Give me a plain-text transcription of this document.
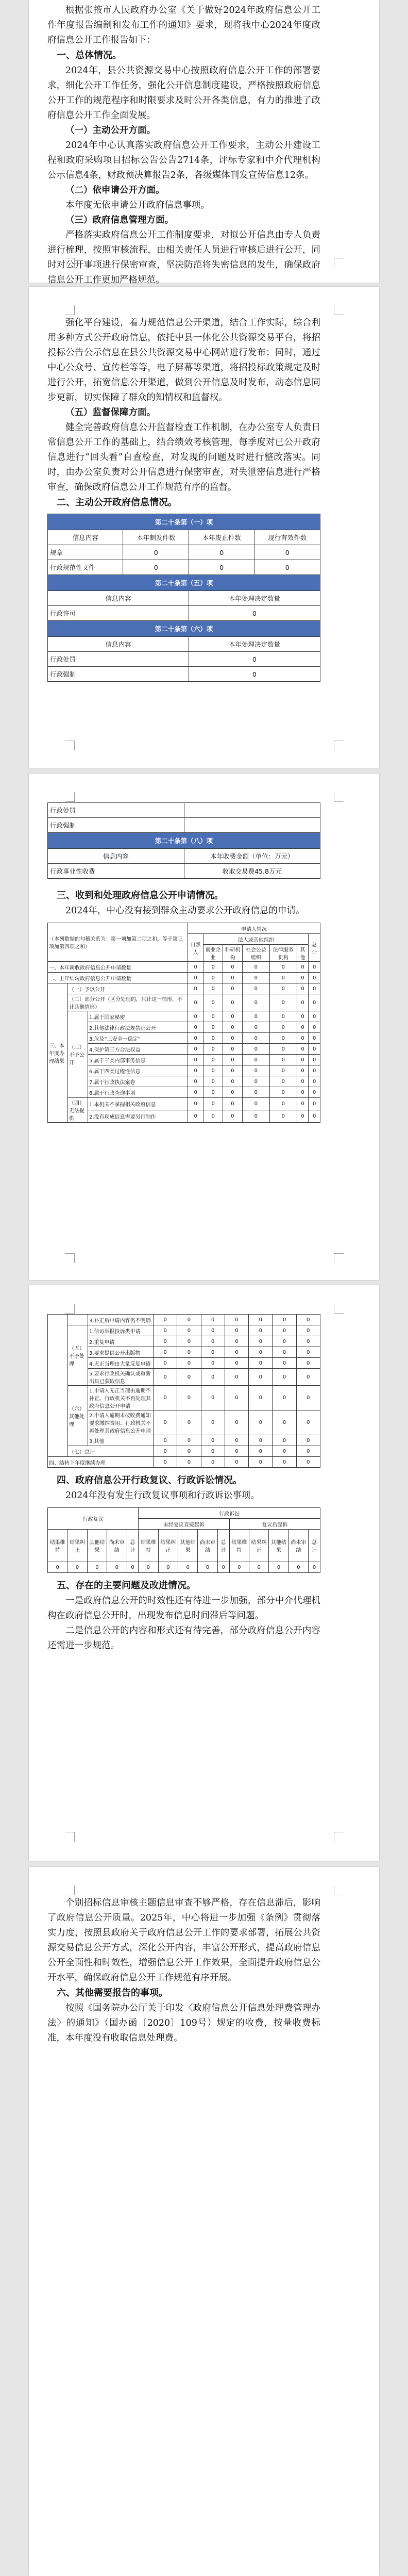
根据张掖市人民政府办公室《关于做好2024年政府信息公开工作年度报告编制和发布工作的通知》要求，现将我中心2024年度政府信息公开工作报告如下：

一、总体情况。

2024年，县公共资源交易中心按照政府信息公开工作的部署要求，细化公开工作任务，强化公开信息制度建设，严格按照政府信息公开工作的规范程序和时限要求及时公开各类信息，有力的推进了政府信息公开工作全面发展。

（一）主动公开方面。

2024年中心认真落实政府信息公开工作要求，主动公开建设工程和政府采购项目招标公告公告2714条，评标专家和中介代理机构公示信息4条，财政预决算报告2条，各级媒体刊发宣传信息12条。

（二）依申请公开方面。

本年度无依申请公开政府信息事项。

（三）政府信息管理方面。

严格落实政府信息公开工作制度要求，对拟公开信息由专人负责进行梳理，按照审核流程，由相关责任人员进行审核后进行公开，同时对公开事项进行保密审查，坚决防范将失密信息的发生，确保政府信息公开工作更加严格规范。

强化平台建设，着力规范信息公开渠道，结合工作实际，综合利用多种方式公开政府信息，依托中县一体化公共资源交易平台，将招投标公告公示信息在县公共资源交易中心网站进行发布；同时，通过中心公众号、宣传栏等等，电子屏幕等渠道，将招投标政策规定及时进行公开，拓宽信息公开渠道，做到公开信息及时发布，动态信息同步更新，切实保障了群众的知情权和监督权。

（五）监督保障方面。

健全完善政府信息公开监督检查工作机制，在办公室专人负责日常信息公开工作的基础上，结合绩效考核管理，每季度对已公开政府信息进行“回头看”自查检查，对发现的问题及时进行整改落实。同时，由办公室负责对公开信息进行保密审查，对失泄密信息进行严格审查，确保政府信息公开工作规范有序的监督。

二、主动公开政府信息情况。

第二十条第（一）项			
信息内容	本年制发件数	本年废止件数	现行有效件数
规章	0	0	0
行政规范性文件	0	0	0
第二十条第（五）项			
信息内容		本年处理决定数量	
行政许可		0	
第二十条第（六）项			
信息内容		本年处理决定数量	
行政处罚		0	
行政强制		0	
行政处罚	
行政强制	
第二十条第（八）项	
信息内容	本年收费金额（单位：万元）
行政事业性收费	收取交易费45.8万元

三、收到和处理政府信息公开申请情况。

2024年，中心没有接到群众主动要求公开政府信息的申请。

（本列数据的勾稽关系为：第一项加第二项之和，等于第三项加第四项之和）			申请人情况						
			自然人	法人或其他组织					总计
				商业企业	科研机构	社会公益组织	法律服务机构	其他	
一、本年新收政府信息公开申请数量			0	0	0	0	0	0	0
二、上年结转政府信息公开申请数量			0	0	0	0	0	0	0
三、本年度办理结果	（一）予以公开		0	0	0	0	0	0	0
	（二）部分公开（区分处理的，只计这一情形，不计其他情形）		0	0	0	0	0	0	0
	（三）不予公开	1.属于国家秘密	0	0	0	0	0	0	0
		2.其他法律行政法规禁止公开	0	0	0	0	0	0	0
		3.危及“三安全一稳定”	0	0	0	0	0	0	0
		4.保护第三方合法权益	0	0	0	0	0	0	0
		5.属于三类内部事务信息	0	0	0	0	0	0	0
		6.属于四类过程性信息	0	0	0	0	0	0	0
		7.属于行政执法案卷	0	0	0	0	0	0	0
		8.属于行政查询事项	0	0	0	0	0	0	0
	（四）无法提供	1.本机关不掌握相关政府信息	0	0	0	0	0	0	0
		2.没有现成信息需要另行制作	0	0	0	0	0	0	0
		3.补正后申请内容仍不明确	0	0	0	0	0	0	0
	（五）不予处理	1.信访举报投诉类申请	0	0	0	0	0	0	0
		2.重复申请	0	0	0	0	0	0	0
		3.要求提供公开出版物	0	0	0	0	0	0	0
		4.无正当理由大量反复申请	0	0	0	0	0	0	0
		5.要求行政机关确认或重新出具已获取信息	0	0	0	0	0	0	0
	（六）其他处理	1.申请人无正当理由逾期不补正、行政机关不再处理其政府信息公开申请	0	0	0	0	0	0	0
		2.申请人逾期未按收费通知要求缴纳费用、行政机关不再处理其政府信息公开申请	0	0	0	0	0	0	0
		3.其他	0	0	0	0	0	0	0
	（七）总计		0	0	0	0	0	0	0
四、结转下年度继续办理			0	0	0	0	0	0	0

四、政府信息公开行政复议、行政诉讼情况。

2024年没有发生行政复议事项和行政诉讼事项。

行政复议					行政诉讼									
					未经复议直接起诉					复议后起诉				
结果维持	结果纠正	其他结果	尚未审结	总计	结果维持	结果纠正	其他结果	尚未审结	总计	结果维持	结果纠正	其他结果	尚未审结	总计
0	0	0	0	0	0	0	0	0	0	0	0	0	0	0

五、存在的主要问题及改进情况。

一是政府信息公开的时效性还有待进一步加强，部分中介代理机构在政府信息公开时，出现发布信息时间滞后等问题。

二是信息公开的内容和形式还有待完善，部分政府信息公开内容还需进一步规范。

个别招标信息审核主题信息审查不够严格，存在信息滞后，影响了政府信息公开质量。2025年，中心将进一步加强《条例》贯彻落实力度，按照县政府关于政府信息公开工作的要求部署，拓展公共资源交易信息公开方式，深化公开内容，丰富公开形式，提高政府信息公开全面性和时效性，增强信息公开工作效果，全面提升政府信息公开水平，确保政府信息公开工作规范有序开展。

六、其他需要报告的事项。

按照《国务院办公厅关于印发〈政府信息公开信息处理费管理办法〉的通知》（国办函〔2020〕109号）规定的收费，按量收费标准，本年度没有收取信息处理费。
